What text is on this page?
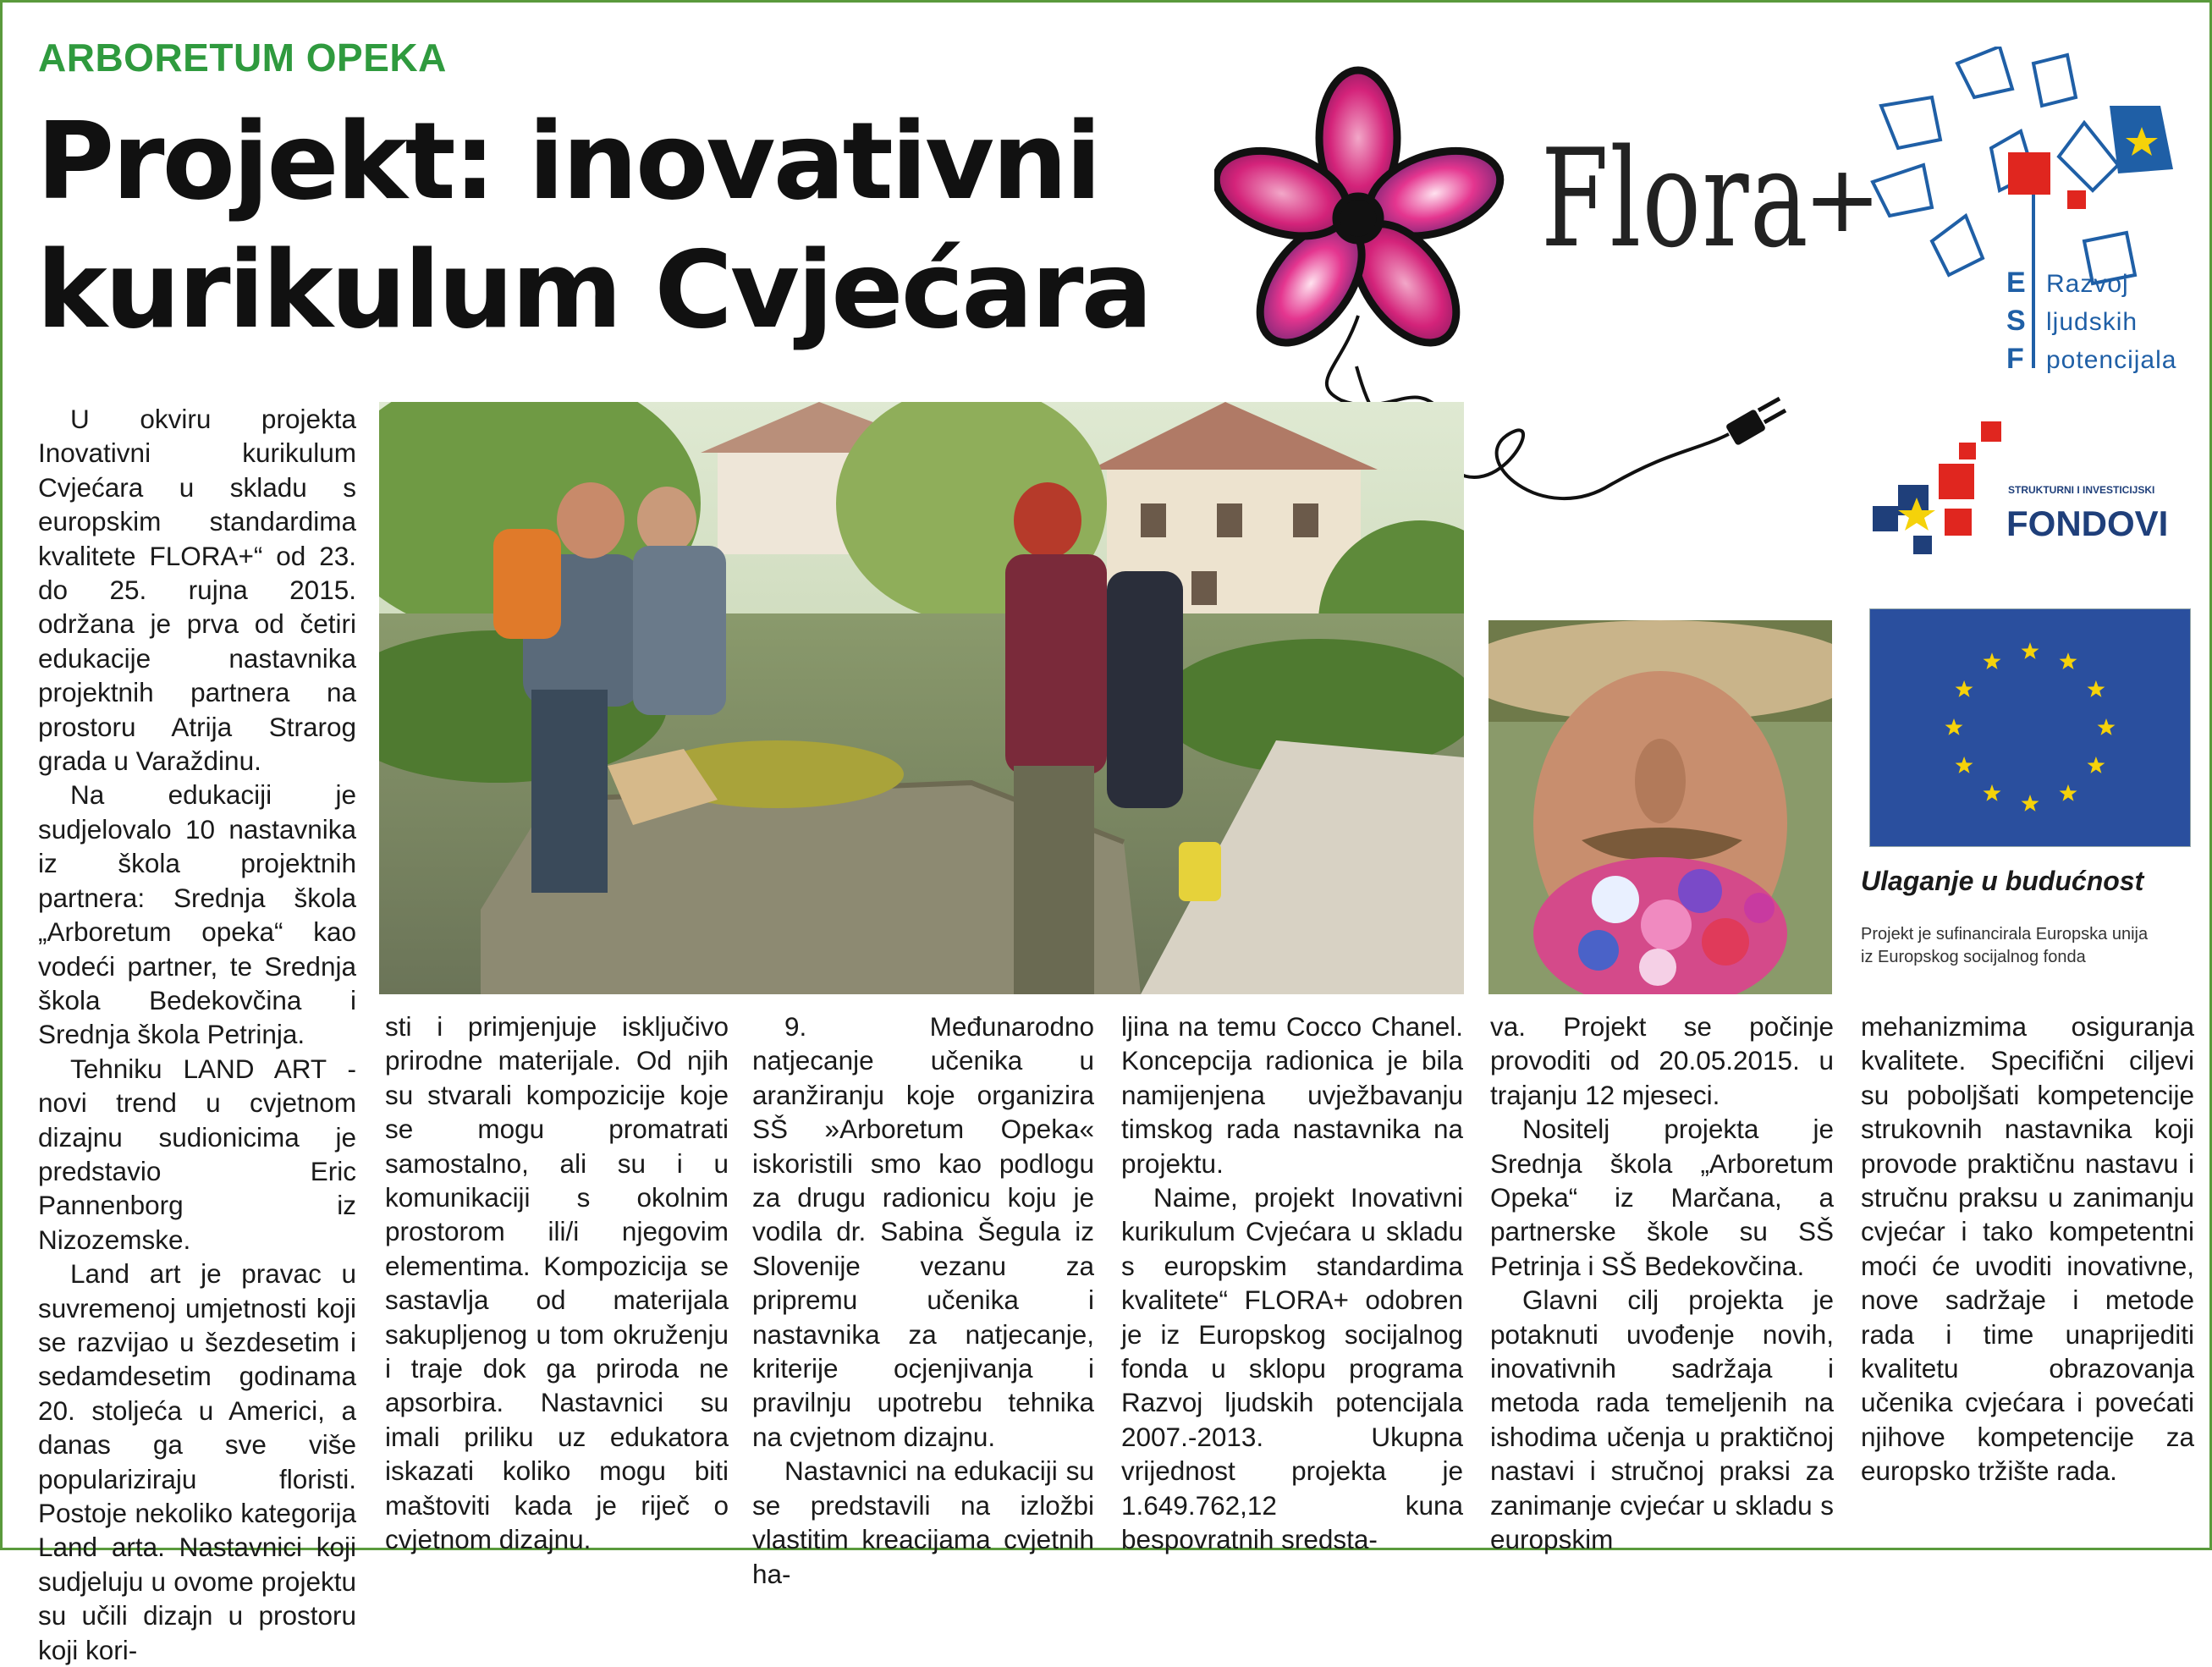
ARBORETUM OPEKA
Projekt: inovativni
kurikulum Cvjećara
Flora
+
E
S
F
Razvoj
ljudskih
potencijala
STRUKTURNI I INVESTICIJSKI
FONDOVI
Ulaganje u budućnost
Projekt je sufinancirala Europska unija
iz Europskog socijalnog fonda

U okviru projekta Inovativni kurikulum Cvjećara u skladu s europskim standardima kvalitete FLORA+“ od 23. do 25. rujna 2015. održana je prva od četiri edukacije nastavnika projektnih partnera na prostoru Atrija Strarog grada u Varaždinu.

Na edukaciji je sudjelovalo 10 nastavnika iz škola projektnih partnera: Srednja škola „Arboretum opeka“ kao vodeći partner, te Srednja škola Bedekovčina i Srednja škola Petrinja.

Tehniku LAND ART - novi trend u cvjetnom dizajnu sudionicima je predstavio Eric Pannenborg iz Nizozemske.

Land art je pravac u suvremenoj umjetnosti koji se razvijao u šezdesetim i sedamdesetim godinama 20. stoljeća u Americi, a danas ga sve više populariziraju floristi. Postoje nekoliko kategorija Land arta. Nastavnici koji sudjeluju u ovome projektu su učili dizajn u prostoru koji kori-

sti i primjenjuje isključivo prirodne materijale. Od njih su stvarali kompozicije koje se mogu promatrati samostalno, ali su i u komunikaciji s okolnim prostorom ili/i njegovim elementima. Kompozicija se sastavlja od materijala sakupljenog u tom okruženju i traje dok ga priroda ne apsorbira. Nastavnici su imali priliku uz edukatora iskazati koliko mogu biti maštoviti kada je riječ o cvjetnom dizajnu.

9. Međunarodno natjecanje učenika u aranžiranju koje organizira SŠ »Arboretum Opeka« iskoristili smo kao podlogu za drugu radionicu koju je vodila dr. Sabina Šegula iz Slovenije vezanu za pripremu učenika i nastavnika za natjecanje, kriterije ocjenjivanja i pravilnju upotrebu tehnika na cvjetnom dizajnu.

Nastavnici na edukaciji su se predstavili na izložbi vlastitim kreacijama cvjetnih ha-

ljina na temu Cocco Chanel. Koncepcija radionica je bila namijenjena uvježbavanju timskog rada nastavnika na projektu.

Naime, projekt Inovativni kurikulum Cvjećara u skladu s europskim standardima kvalitete“ FLORA+ odobren je iz Europskog socijalnog fonda u sklopu programa Razvoj ljudskih potencijala 2007.-2013. Ukupna vrijednost projekta je 1.649.762,12 kuna bespovratnih sredsta-

va. Projekt se počinje provoditi od 20.05.2015. u trajanju 12 mjeseci.

Nositelj projekta je Srednja škola „Arboretum Opeka“ iz Marčana, a partnerske škole su SŠ Petrinja i SŠ Bedekovčina.

Glavni cilj projekta je potaknuti uvođenje novih, inovativnih sadržaja i metoda rada temeljenih na ishodima učenja u praktičnoj nastavi i stručnoj praksi za zanimanje cvjećar u skladu s europskim

mehanizmima osiguranja kvalitete. Specifični ciljevi su poboljšati kompetencije strukovnih nastavnika koji provode praktičnu nastavu i stručnu praksu u zanimanju cvjećar i tako kompetentni moći će uvoditi inovativne, nove sadržaje i metode rada i time unaprijediti kvalitetu obrazovanja učenika cvjećara i povećati njihove kompetencije za europsko tržište rada.
